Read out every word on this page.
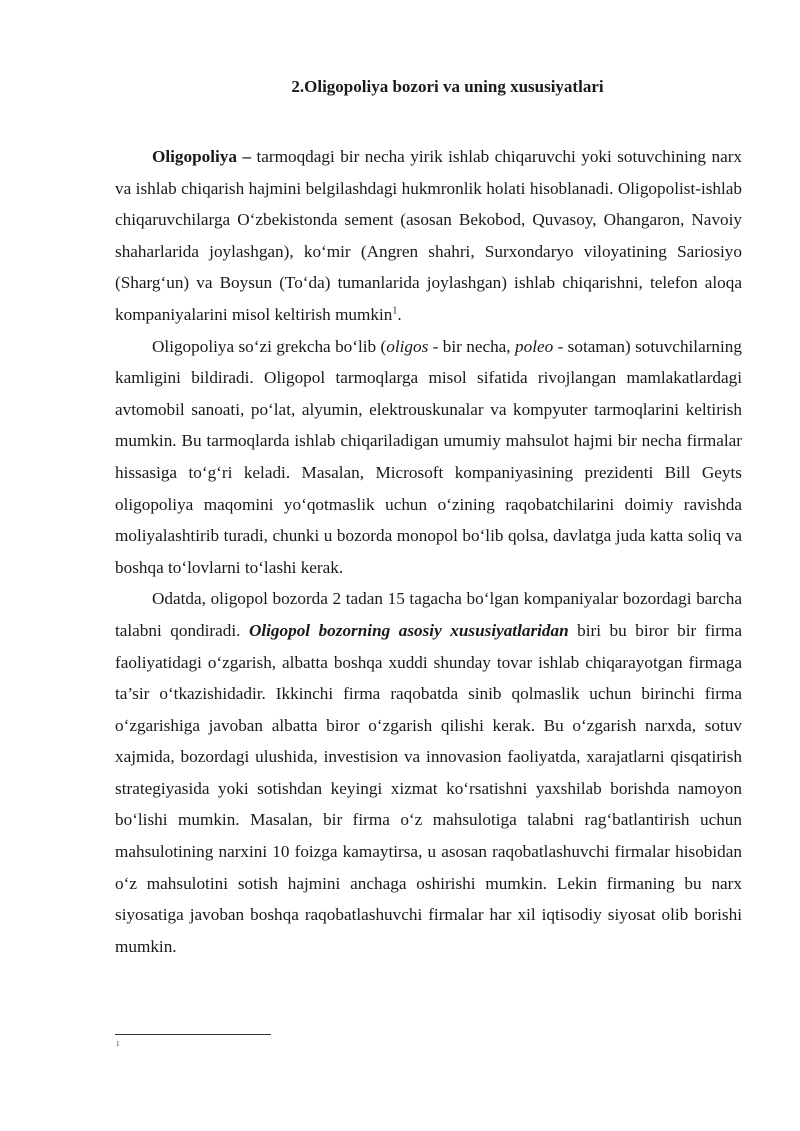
2.Oligopoliya bozori va uning xususiyatlari

Oligopoliya – tarmoqdagi bir necha yirik ishlab chiqaruvchi yoki sotuvchining narx va ishlab chiqarish hajmini belgilashdagi hukmronlik holati hisoblanadi. Oligopolist-ishlab chiqaruvchilarga O‘zbekistonda sement (asosan Bekobod, Quvasoy, Ohangaron, Navoiy shaharlarida joylashgan), ko‘mir (Angren shahri, Surxondaryo viloyatining Sariosiyo (Sharg‘un) va Boysun (To‘da) tumanlarida joylashgan) ishlab chiqarishni, telefon aloqa kompaniyalarini misol keltirish mumkin$^1$.

Oligopoliya so‘zi grekcha bo‘lib (oligos - bir necha, poleo - sotaman) sotuvchilarning kamligini bildiradi. Oligopol tarmoqlarga misol sifatida rivojlangan mamlakatlardagi avtomobil sanoati, po‘lat, alyumin, elektrouskunalar va kompyuter tarmoqlarini keltirish mumkin. Bu tarmoqlarda ishlab chiqariladigan umumiy mahsulot hajmi bir necha firmalar hissasiga to‘g‘ri keladi. Masalan, Microsoft kompaniyasining prezidenti Bill Geyts oligopoliya maqomini yo‘qotmaslik uchun o‘zining raqobatchilarini doimiy ravishda moliyalashtirib turadi, chunki u bozorda monopol bo‘lib qolsa, davlatga juda katta soliq va boshqa to‘lovlarni to‘lashi kerak.

Odatda, oligopol bozorda 2 tadan 15 tagacha bo‘lgan kompaniyalar bozordagi barcha talabni qondiradi. Oligopol bozorning asosiy xususiyatlaridan biri bu biror bir firma faoliyatidagi o‘zgarish, albatta boshqa xuddi shunday tovar ishlab chiqarayotgan firmaga ta’sir o‘tkazishidadir. Ikkinchi firma raqobatda sinib qolmaslik uchun birinchi firma o‘zgarishiga javoban albatta biror o‘zgarish qilishi kerak. Bu o‘zgarish narxda, sotuv xajmida, bozordagi ulushida, investision va innovasion faoliyatda, xarajatlarni qisqatirish strategiyasida yoki sotishdan keyingi xizmat ko‘rsatishni yaxshilab borishda namoyon bo‘lishi mumkin. Masalan, bir firma o‘z mahsulotiga talabni rag‘batlantirish uchun mahsulotining narxini 10 foizga kamaytirsa, u asosan raqobatlashuvchi firmalar hisobidan o‘z mahsulotini sotish hajmini anchaga oshirishi mumkin. Lekin firmaning bu narx siyosatiga javoban boshqa raqobatlashuvchi firmalar har xil iqtisodiy siyosat olib borishi mumkin.

1
